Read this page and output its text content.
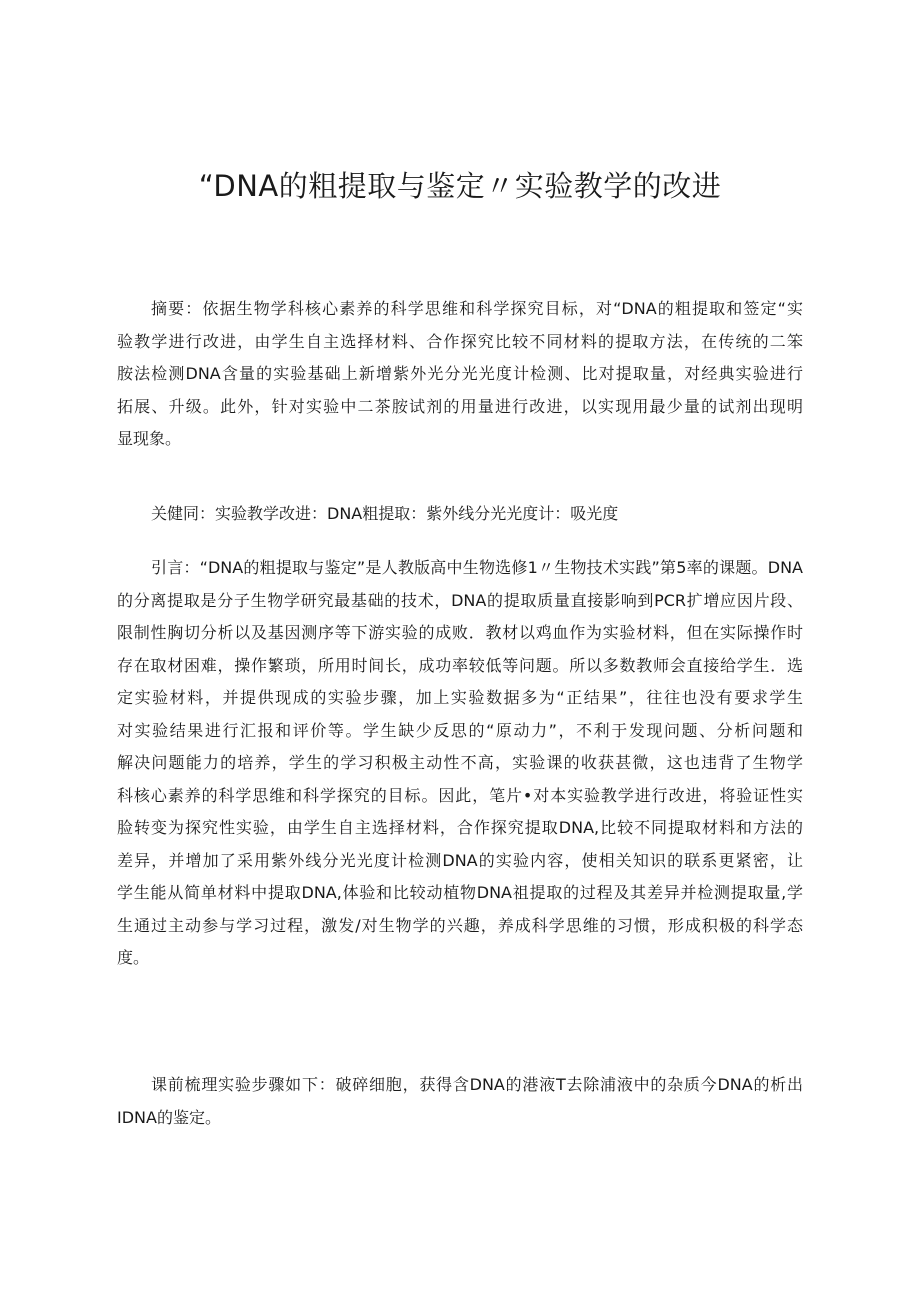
“DNA的粗提取与鉴定〃实验教学的改进
摘要：依据生物学科核心素养的科学思维和科学探究目标，对“DNA的粗提取和签定“实
验教学进行改进，由学生自主选择材料、合作探究比较不同材料的提取方法，在传统的二笨
胺法检测DNA含量的实验基础上新增紫外光分光光度计检测、比对提取量，对经典实验进行
拓展、升级。此外，针对实验中二茶胺试剂的用量进行改进，以实现用最少量的试剂出现明
显现象。
关健同：实验教学改进：DNA粗提取：紫外线分光光度计：吸光度
引言：“DNA的粗提取与鉴定”是人教版高中生物选修1〃生物技术实践”第5率的课题。DNA
的分离提取是分子生物学研究最基础的技术，DNA的提取质量直接影响到PCR扩增应因片段、
限制性胸切分析以及基因测序等下游实验的成败．教材以鸡血作为实验材料，但在实际操作时
存在取材困难，操作繁琐，所用时间长，成功率较低等问题。所以多数教师会直接给学生．选
定实验材料，并提供现成的实验步骤，加上实验数据多为“正结果”，往往也没有要求学生
对实验结果进行汇报和评价等。学生缺少反思的“原动力”，不利于发现问题、分析问题和
解决问题能力的培养，学生的学习积极主动性不高，实验课的收获甚微，这也违背了生物学
科核心素养的科学思维和科学探究的目标。因此，笔片•对本实验教学进行改进，将验证性实
脸转变为探究性实验，由学生自主选择材料，合作探究提取DNA,比较不同提取材料和方法的
差异，并增加了采用紫外线分光光度计检测DNA的实验内容，使相关知识的联系更紧密，让
学生能从简单材料中提取DNA,体验和比较动植物DNA祖提取的过程及其差异并检测提取量,学
生通过主动参与学习过程，激发/对生物学的兴趣，养成科学思维的习惯，形成积极的科学态
度。
课前梳理实验步骤如下：破碎细胞，获得含DNA的港液T去除浦液中的杂质今DNA的析出
IDNA的鉴定。
